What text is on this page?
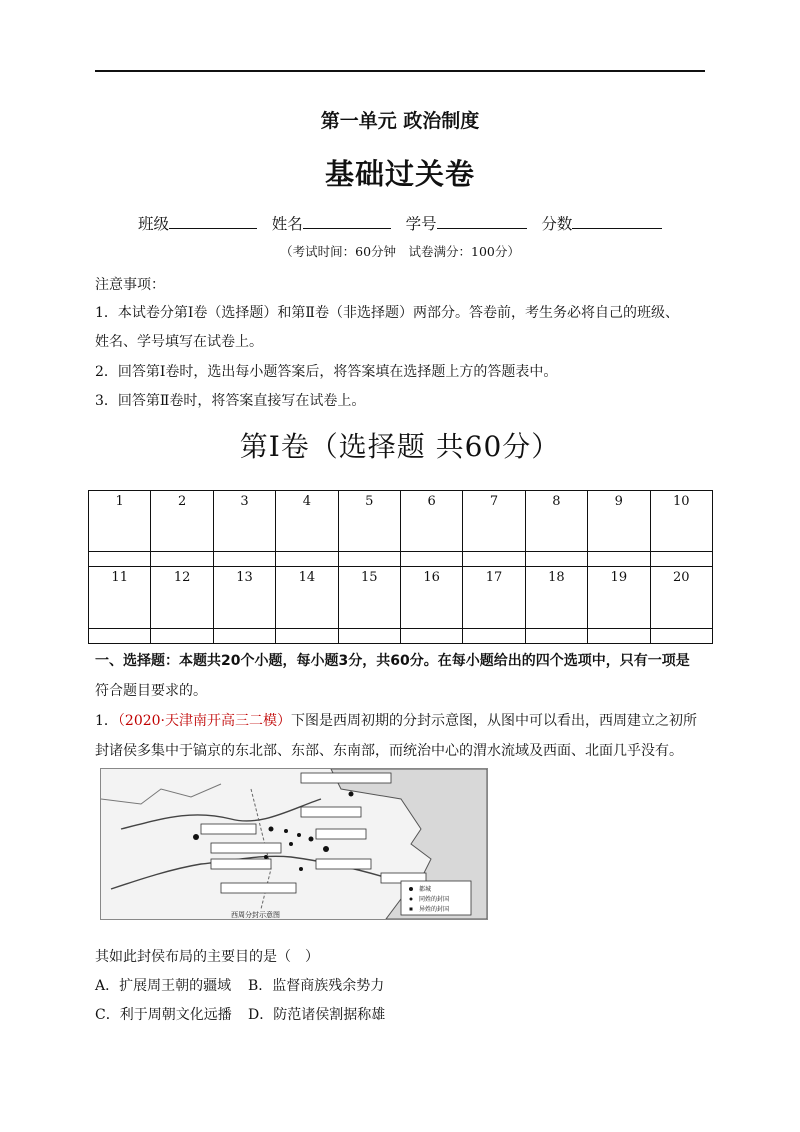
第一单元 政治制度
基础过关卷
班级	姓名	学号	分数
（考试时间：60分钟　试卷满分：100分）
注意事项：
1．本试卷分第Ⅰ卷（选择题）和第Ⅱ卷（非选择题）两部分。答卷前，考生务必将自己的班级、
姓名、学号填写在试卷上。
2．回答第Ⅰ卷时，选出每小题答案后，将答案填在选择题上方的答题表中。
3．回答第Ⅱ卷时，将答案直接写在试卷上。
第Ⅰ卷（选择题 共60分）
1	2	3	4	5	6	7	8	9	10

11	12	13	14	15	16	17	18	19	20

一、选择题：本题共20个小题，每小题3分，共60分。在每小题给出的四个选项中，只有一项是
符合题目要求的。
1．（2020·天津南开高三二模）下图是西周初期的分封示意图，从图中可以看出，西周建立之初所
封诸侯多集中于镐京的东北部、东部、东南部，而统治中心的渭水流域及西面、北面几乎没有。
都城
同姓的封国
异姓的封国
西周分封示意图
其如此封侯布局的主要目的是（　）
A．扩展周王朝的疆域 B．监督商族残余势力
C．利于周朝文化远播 D．防范诸侯割据称雄
